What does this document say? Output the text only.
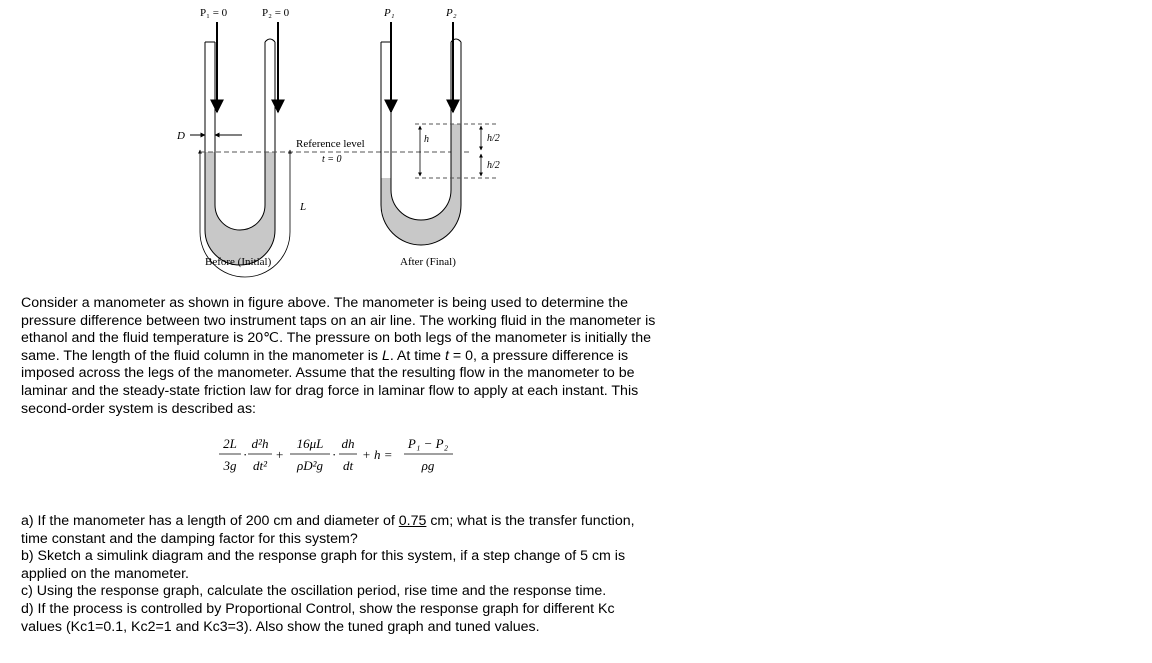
P₁ = 0	P₂ = 0	P₁	P₂
D
Reference level
t = 0
L
h	h/2
h/2
Before (Initial)	After (Final)

Consider a manometer as shown in figure above. The manometer is being used to determine the pressure difference between two instrument taps on an air line. The working fluid in the manometer is ethanol and the fluid temperature is 20℃. The pressure on both legs of the manometer is initially the same. The length of the fluid column in the manometer is L. At time t = 0, a pressure difference is imposed across the legs of the manometer. Assume that the resulting flow in the manometer to be laminar and the steady-state friction law for drag force in laminar flow to apply at each instant. This second-order system is described as:

2L
3g
·
d²h
dt²
+
16μL
ρD²g
·
dh
dt
+ h =
P₁ − P₂
ρg
a) If the manometer has a length of 200 cm and diameter of 0.75 cm; what is the transfer function, time constant and the damping factor for this system?
b) Sketch a simulink diagram and the response graph for this system, if a step change of 5 cm is applied on the manometer.
c) Using the response graph, calculate the oscillation period, rise time and the response time.
d) If the process is controlled by Proportional Control, show the response graph for different Kc values (Kc1=0.1, Kc2=1 and Kc3=3). Also show the tuned graph and tuned values.
